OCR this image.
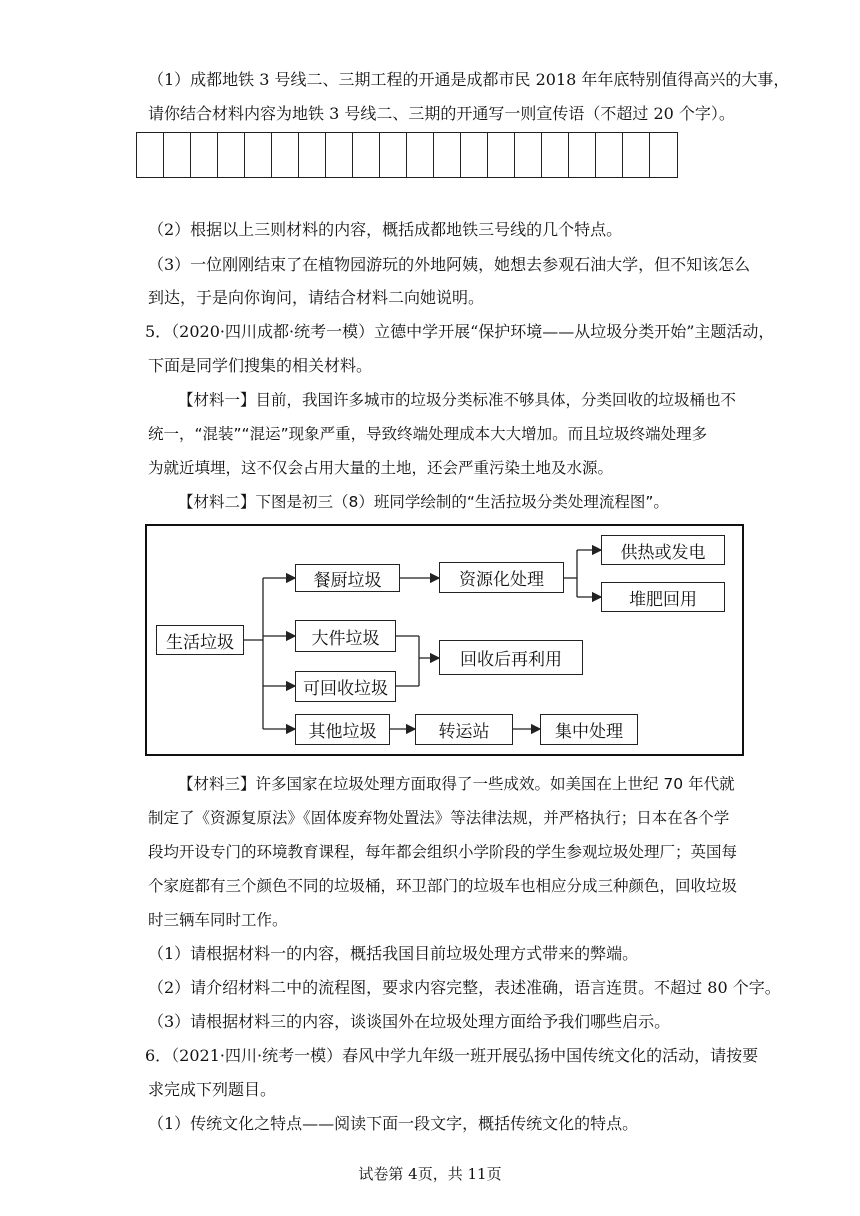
（1）成都地铁 3 号线二、三期工程的开通是成都市民 2018 年年底特别值得高兴的大事，
请你结合材料内容为地铁 3 号线二、三期的开通写一则宣传语（不超过 20 个字）。
（2）根据以上三则材料的内容，概括成都地铁三号线的几个特点。
（3）一位刚刚结束了在植物园游玩的外地阿姨，她想去参观石油大学，但不知该怎么
到达，于是向你询问，请结合材料二向她说明。
5．（2020·四川成都·统考一模）立德中学开展“保护环境——从垃圾分类开始”主题活动，
下面是同学们搜集的相关材料。
【材料一】目前，我国许多城市的垃圾分类标准不够具体，分类回收的垃圾桶也不
统一，“混装”“混运”现象严重，导致终端处理成本大大增加。而且垃圾终端处理多
为就近填埋，这不仅会占用大量的土地，还会严重污染土地及水源。
【材料二】下图是初三（8）班同学绘制的“生活拉圾分类处理流程图”。
生活垃圾
餐厨垃圾	资源化处理
供热或发电
堆肥回用
大件垃圾
回收后再利用
可回收垃圾
其他垃圾	转运站	集中处理
【材料三】许多国家在垃圾处理方面取得了一些成效。如美国在上世纪 70 年代就
制定了《资源复原法》《固体废弃物处置法》等法律法规，并严格执行；日本在各个学
段均开设专门的环境教育课程，每年都会组织小学阶段的学生参观垃圾处理厂；英国每
个家庭都有三个颜色不同的垃圾桶，环卫部门的垃圾车也相应分成三种颜色，回收垃圾
时三辆车同时工作。
（1）请根据材料一的内容，概括我国目前垃圾处理方式带来的弊端。
（2）请介绍材料二中的流程图，要求内容完整，表述准确，语言连贯。不超过 80 个字。
（3）请根据材料三的内容，谈谈国外在垃圾处理方面给予我们哪些启示。
6．（2021·四川·统考一模）春风中学九年级一班开展弘扬中国传统文化的活动，请按要
求完成下列题目。
（1）传统文化之特点——阅读下面一段文字，概括传统文化的特点。
试卷第 4页，共 11页
